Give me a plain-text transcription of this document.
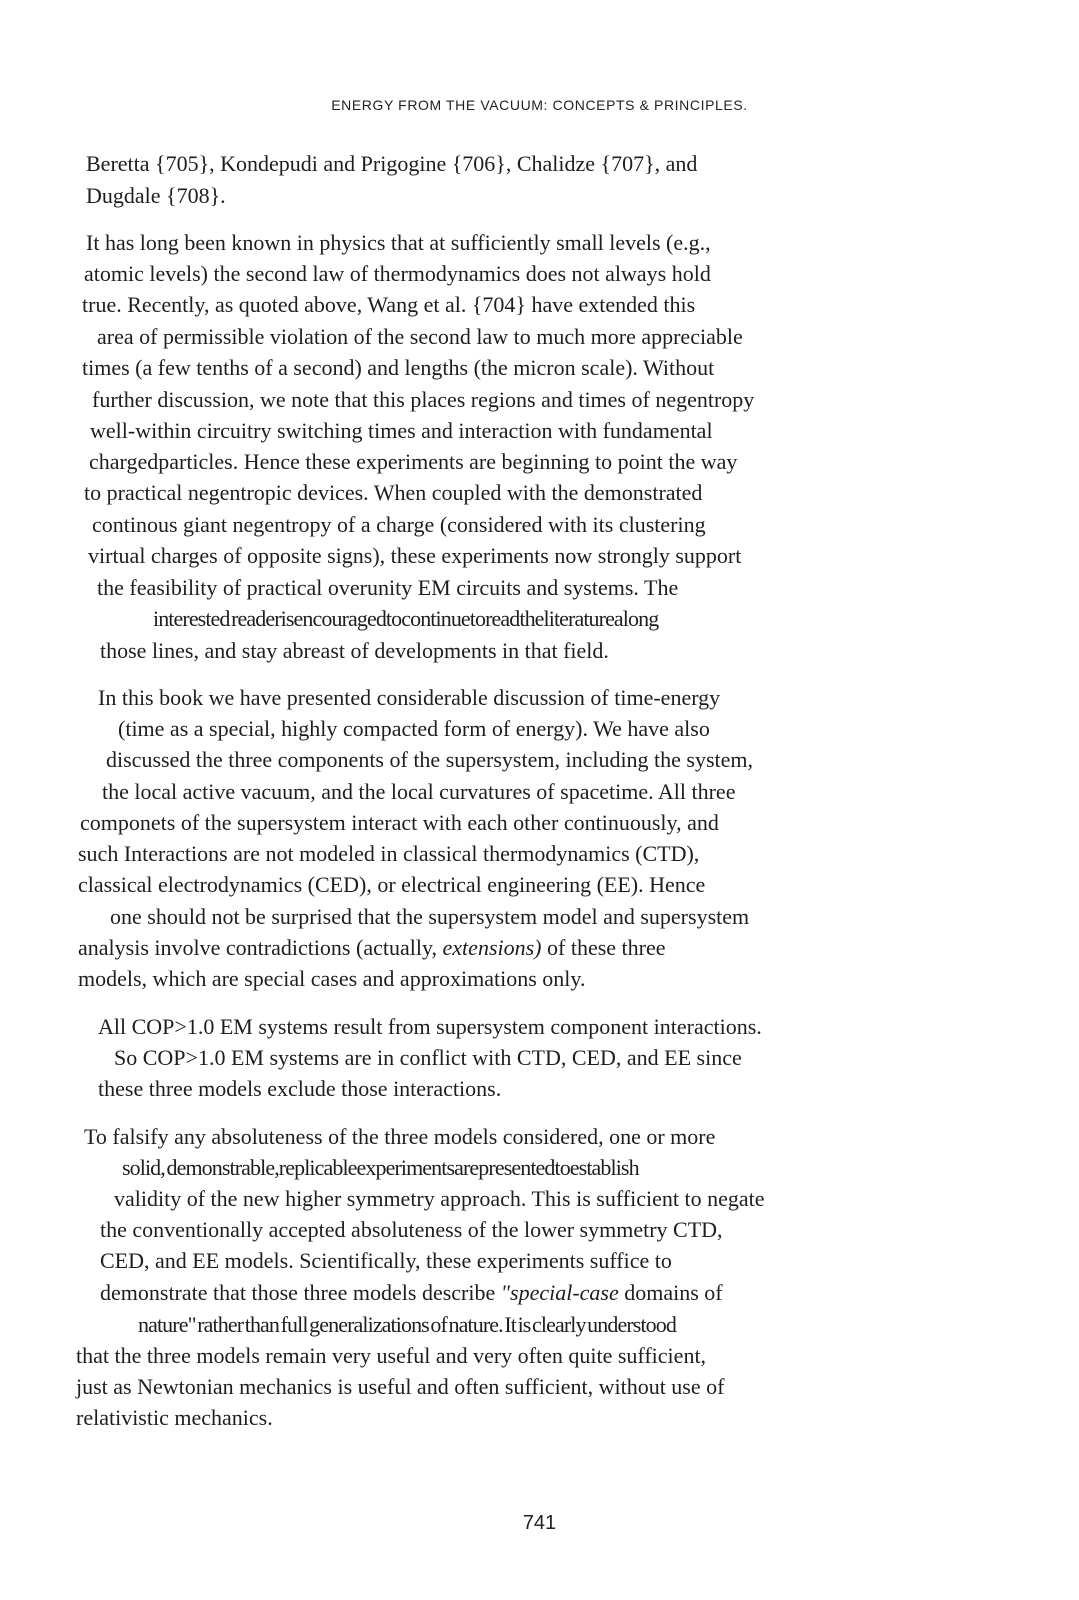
ENERGY FROM THE VACUUM: CONCEPTS & PRINCIPLES.
Beretta {705}, Kondepudi and Prigogine {706}, Chalidze {707}, and
Dugdale {708}.
It has long been known in physics that at sufficiently small levels (e.g.,
atomic levels) the second law of thermodynamics does not always hold
true. Recently, as quoted above, Wang et al. {704} have extended this
area of permissible violation of the second law to much more appreciable
times (a few tenths of a second) and lengths (the micron scale). Without
further discussion, we note that this places regions and times of negentropy
well-within circuitry switching times and interaction with fundamental
chargedparticles. Hence these experiments are beginning to point the way
to practical negentropic devices. When coupled with the demonstrated
continous giant negentropy of a charge (considered with its clustering
virtual charges of opposite signs), these experiments now strongly support
the feasibility of practical overunity EM circuits and systems. The
interested readerisencouragedtocontinuetoreadtheliteraturealong
those lines, and stay abreast of developments in that field.
In this book we have presented considerable discussion of time-energy
(time as a special, highly compacted form of energy). We have also
discussed the three components of the supersystem, including the system,
the local active vacuum, and the local curvatures of spacetime. All three
componets of the supersystem interact with each other continuously, and
such Interactions are not modeled in classical thermodynamics (CTD),
classical electrodynamics (CED), or electrical engineering (EE). Hence
one should not be surprised that the supersystem model and supersystem
analysis involve contradictions (actually, extensions) of these three
models, which are special cases and approximations only.
All COP>1.0 EM systems result from supersystem component interactions.
So COP>1.0 EM systems are in conflict with CTD, CED, and EE since
these three models exclude those interactions.
To falsify any absoluteness of the three models considered, one or more
solid, demonstrable,replicableexperimentsarepresentedtoestablish
validity of the new higher symmetry approach. This is sufficient to negate
the conventionally accepted absoluteness of the lower symmetry CTD,
CED, and EE models. Scientifically, these experiments suffice to
demonstrate that those three models describe "special-case domains of
nature" rather than full generalizations of nature. It is clearly understood
that the three models remain very useful and very often quite sufficient,
just as Newtonian mechanics is useful and often sufficient, without use of
relativistic mechanics.
741
